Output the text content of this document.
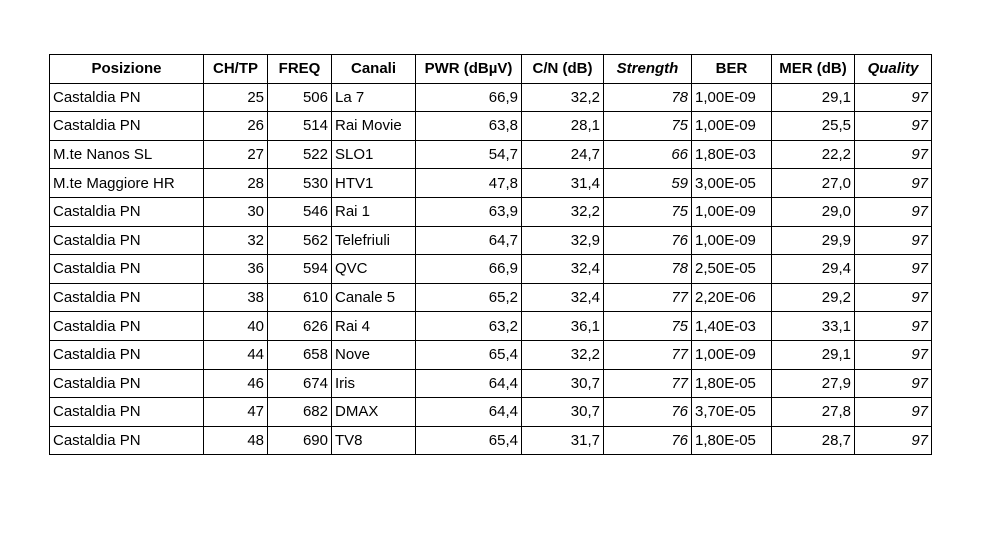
Posizione	CH/TP	FREQ	Canali	PWR (dBµV)	C/N (dB)	Strength	BER	MER (dB)	Quality
Castaldia PN	25	506	La 7	66,9	32,2	78	1,00E-09	29,1	97
Castaldia PN	26	514	Rai Movie	63,8	28,1	75	1,00E-09	25,5	97
M.te Nanos SL	27	522	SLO1	54,7	24,7	66	1,80E-03	22,2	97
M.te Maggiore HR	28	530	HTV1	47,8	31,4	59	3,00E-05	27,0	97
Castaldia PN	30	546	Rai 1	63,9	32,2	75	1,00E-09	29,0	97
Castaldia PN	32	562	Telefriuli	64,7	32,9	76	1,00E-09	29,9	97
Castaldia PN	36	594	QVC	66,9	32,4	78	2,50E-05	29,4	97
Castaldia PN	38	610	Canale 5	65,2	32,4	77	2,20E-06	29,2	97
Castaldia PN	40	626	Rai 4	63,2	36,1	75	1,40E-03	33,1	97
Castaldia PN	44	658	Nove	65,4	32,2	77	1,00E-09	29,1	97
Castaldia PN	46	674	Iris	64,4	30,7	77	1,80E-05	27,9	97
Castaldia PN	47	682	DMAX	64,4	30,7	76	3,70E-05	27,8	97
Castaldia PN	48	690	TV8	65,4	31,7	76	1,80E-05	28,7	97
